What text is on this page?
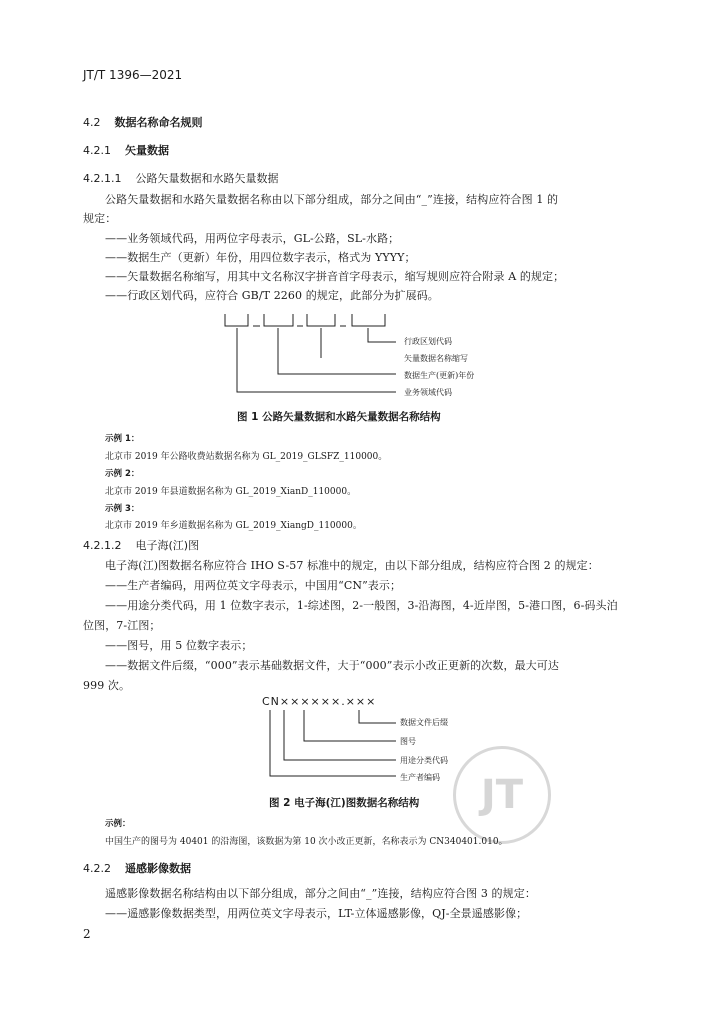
JT/T 1396—2021
4.2 数据名称命名规则
4.2.1 矢量数据
4.2.1.1 公路矢量数据和水路矢量数据
公路矢量数据和水路矢量数据名称由以下部分组成，部分之间由“_”连接，结构应符合图 1 的
规定：
——业务领域代码，用两位字母表示，GL-公路，SL-水路；
——数据生产（更新）年份，用四位数字表示，格式为 YYYY；
——矢量数据名称缩写，用其中文名称汉字拼音首字母表示，缩写规则应符合附录 A 的规定；
——行政区划代码，应符合 GB/T 2260 的规定，此部分为扩展码。
行政区划代码
矢量数据名称缩写
数据生产(更新)年份
业务领域代码
图 1 公路矢量数据和水路矢量数据名称结构
示例 1：
北京市 2019 年公路收费站数据名称为 GL_2019_GLSFZ_110000。
示例 2：
北京市 2019 年县道数据名称为 GL_2019_XianD_110000。
示例 3：
北京市 2019 年乡道数据名称为 GL_2019_XiangD_110000。
4.2.1.2 电子海(江)图
电子海(江)图数据名称应符合 IHO S-57 标准中的规定，由以下部分组成，结构应符合图 2 的规定：
——生产者编码，用两位英文字母表示，中国用“CN”表示；
——用途分类代码，用 1 位数字表示，1-综述图，2-一般图，3-沿海图，4-近岸图，5-港口图，6-码头泊
位图，7-江图；
——图号，用 5 位数字表示；
——数据文件后缀，“000”表示基础数据文件，大于“000”表示小改正更新的次数，最大可达
999 次。
CN××××××.×××
数据文件后缀
图号
用途分类代码
生产者编码	JT
图 2 电子海(江)图数据名称结构
示例：
中国生产的图号为 40401 的沿海图，该数据为第 10 次小改正更新，名称表示为 CN340401.010。
4.2.2 遥感影像数据
遥感影像数据名称结构由以下部分组成，部分之间由“_”连接，结构应符合图 3 的规定：
——遥感影像数据类型，用两位英文字母表示，LT-立体遥感影像，QJ-全景遥感影像；
2
